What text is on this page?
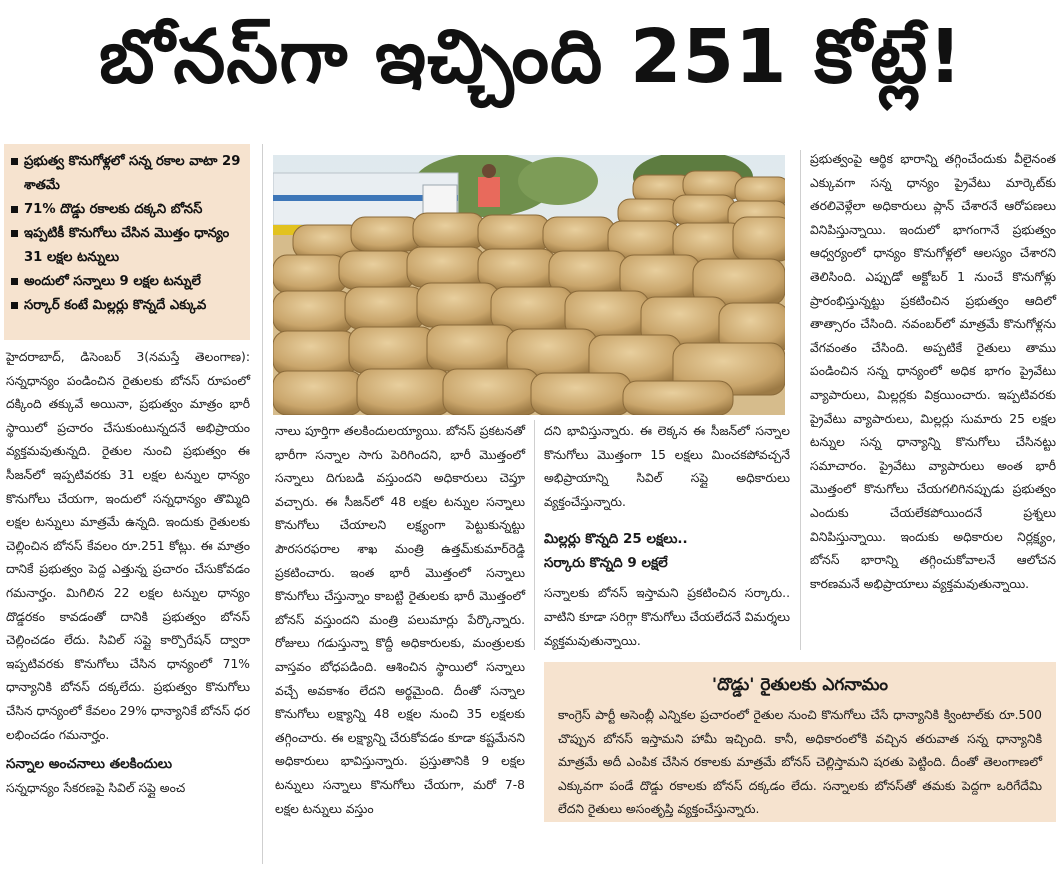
బోనస్‌గా ఇచ్చింది 251 కోట్లే!
ప్రభుత్వ కొనుగోళ్లలో సన్న రకాల వాటా 29 శాతమే
71% దొడ్డు రకాలకు దక్కని బోనస్
ఇప్పటికీ కొనుగోలు చేసిన మొత్తం ధాన్యం 31 లక్షల టన్నులు
అందులో సన్నాలు 9 లక్షల టన్నులే
సర్కార్ కంటే మిల్లర్లు కొన్నదే ఎక్కువ

హైదరాబాద్, డిసెంబర్ 3(నమస్తే తెలంగాణ): సన్నధాన్యం పండించిన రైతులకు బోనస్ రూపంలో దక్కింది తక్కువే అయినా, ప్రభుత్వం మాత్రం భారీ స్థాయిలో ప్రచారం చేసుకుంటున్నదనే అభిప్రాయం వ్యక్తమవుతున్నది. రైతుల నుంచి ప్రభుత్వం ఈ సీజన్‌లో ఇప్పటివరకు 31 లక్షల టన్నుల ధాన్యం కొనుగోలు చేయగా, ఇందులో సన్నధాన్యం తొమ్మిది లక్షల టన్నులు మాత్రమే ఉన్నది. ఇందుకు రైతులకు చెల్లించిన బోనస్ కేవలం రూ.251 కోట్లు. ఈ మాత్రం దానికే ప్రభుత్వం పెద్ద ఎత్తున్న ప్రచారం చేసుకోవడం గమనార్హం. మిగిలిన 22 లక్షల టన్నుల ధాన్యం దొడ్డరకం కావడంతో దానికి ప్రభుత్వం బోనస్ చెల్లించడం లేదు. సివిల్ సప్లై కార్పొరేషన్ ద్వారా ఇప్పటివరకు కొనుగోలు చేసిన ధాన్యంలో 71% ధాన్యానికి బోనస్ దక్కలేదు. ప్రభుత్వం కొనుగోలు చేసిన ధాన్యంలో కేవలం 29% ధాన్యానికే బోనస్ ధర లభించడం గమనార్హం.

సన్నాల అంచనాలు తలకిందులు

సన్నధాన్యం సేకరణపై సివిల్ సప్లై అంచ

నాలు పూర్తిగా తలకిందులయ్యాయి. బోనస్ ప్రకటనతో భారీగా సన్నాల సాగు పెరిగిందని, భారీ మొత్తంలో సన్నాలు దిగుబడి వస్తుందని అధికారులు చెప్తూ వచ్చారు. ఈ సీజన్‌లో 48 లక్షల టన్నుల సన్నాలు కొనుగోలు చేయాలని లక్ష్యంగా పెట్టుకున్నట్టు పౌరసరఫరాల శాఖ మంత్రి ఉత్తమ్‌కుమార్‌రెడ్డి ప్రకటించారు. ఇంత భారీ మొత్తంలో సన్నాలు కొనుగోలు చేస్తున్నాం కాబట్టి రైతులకు భారీ మొత్తంలో బోనస్ వస్తుందని మంత్రి పలుమార్లు పేర్కొన్నారు. రోజులు గడుస్తున్నా కొద్దీ అధికారులకు, మంత్రులకు వాస్తవం బోధపడింది. ఆశించిన స్థాయిలో సన్నాలు వచ్చే అవకాశం లేదని అర్థమైంది. దీంతో సన్నాల కొనుగోలు లక్ష్యాన్ని 48 లక్షల నుంచి 35 లక్షలకు తగ్గించారు. ఈ లక్ష్యాన్ని చేరుకోవడం కూడా కష్టమేనని అధికారులు భావిస్తున్నారు. ప్రస్తుతానికి 9 లక్షల టన్నులు సన్నాలు కొనుగోలు చేయగా, మరో 7-8 లక్షల టన్నులు వస్తుం

దని భావిస్తున్నారు. ఈ లెక్కన ఈ సీజన్‌లో సన్నాల కొనుగోలు మొత్తంగా 15 లక్షలు మించకపోవచ్చనే అభిప్రాయాన్ని సివిల్ సప్లై అధికారులు వ్యక్తంచేస్తున్నారు.

మిల్లర్లు కొన్నది 25 లక్షలు..
సర్కారు కొన్నది 9 లక్షలే

సన్నాలకు బోనస్ ఇస్తామని ప్రకటించిన సర్కారు.. వాటిని కూడా సరిగ్గా కొనుగోలు చేయలేదనే విమర్శలు వ్యక్తమవుతున్నాయి.

ప్రభుత్వంపై ఆర్థిక భారాన్ని తగ్గించేందుకు వీలైనంత ఎక్కువగా సన్న ధాన్యం ప్రైవేటు మార్కెట్‌కు తరలివెళ్లేలా అధికారులు ప్లాన్ చేశారనే ఆరోపణలు వినిపిస్తున్నాయి. ఇందులో భాగంగానే ప్రభుత్వం ఆధ్వర్యంలో ధాన్యం కొనుగోళ్లలో ఆలస్యం చేశారని తెలిసింది. ఎప్పుడో అక్టోబర్ 1 నుంచే కొనుగోళ్లు ప్రారంభిస్తున్నట్టు ప్రకటించిన ప్రభుత్వం ఆదిలో తాత్సారం చేసింది. నవంబర్‌లో మాత్రమే కొనుగోళ్లను వేగవంతం చేసింది. అప్పటికే రైతులు తాము పండించిన సన్న ధాన్యంలో అధిక భాగం ప్రైవేటు వ్యాపారులు, మిల్లర్లకు విక్రయించారు. ఇప్పటివరకు ప్రైవేటు వ్యాపారులు, మిల్లర్లు సుమారు 25 లక్షల టన్నుల సన్న ధాన్యాన్ని కొనుగోలు చేసినట్టు సమాచారం. ప్రైవేటు వ్యాపారులు అంత భారీ మొత్తంలో కొనుగోలు చేయగలిగినప్పుడు ప్రభుత్వం ఎందుకు చేయలేకపోయిందనే ప్రశ్నలు వినిపిస్తున్నాయి. ఇందుకు అధికారుల నిర్లక్ష్యం, బోనస్ భారాన్ని తగ్గించుకోవాలనే ఆలోచన కారణమనే అభిప్రాయాలు వ్యక్తమవుతున్నాయి.

'దొడ్డు' రైతులకు ఎగనామం
కాంగ్రెస్ పార్టీ అసెంబ్లీ ఎన్నికల ప్రచారంలో రైతుల నుంచి కొనుగోలు చేసే ధాన్యానికి క్వింటాల్‌కు రూ.500 చొప్పున బోనస్ ఇస్తామని హామీ ఇచ్చింది. కానీ, అధికారంలోకి వచ్చిన తరువాత సన్న ధాన్యానికి మాత్రమే అదీ ఎంపిక చేసిన రకాలకు మాత్రమే బోనస్ చెల్లిస్తామని షరతు పెట్టింది. దీంతో తెలంగాణలో ఎక్కువగా పండే దొడ్డు రకాలకు బోనస్ దక్కడం లేదు. సన్నాలకు బోనస్‌తో తమకు పెద్దగా ఒరిగేదేమి లేదని రైతులు అసంతృప్తి వ్యక్తంచేస్తున్నారు.
